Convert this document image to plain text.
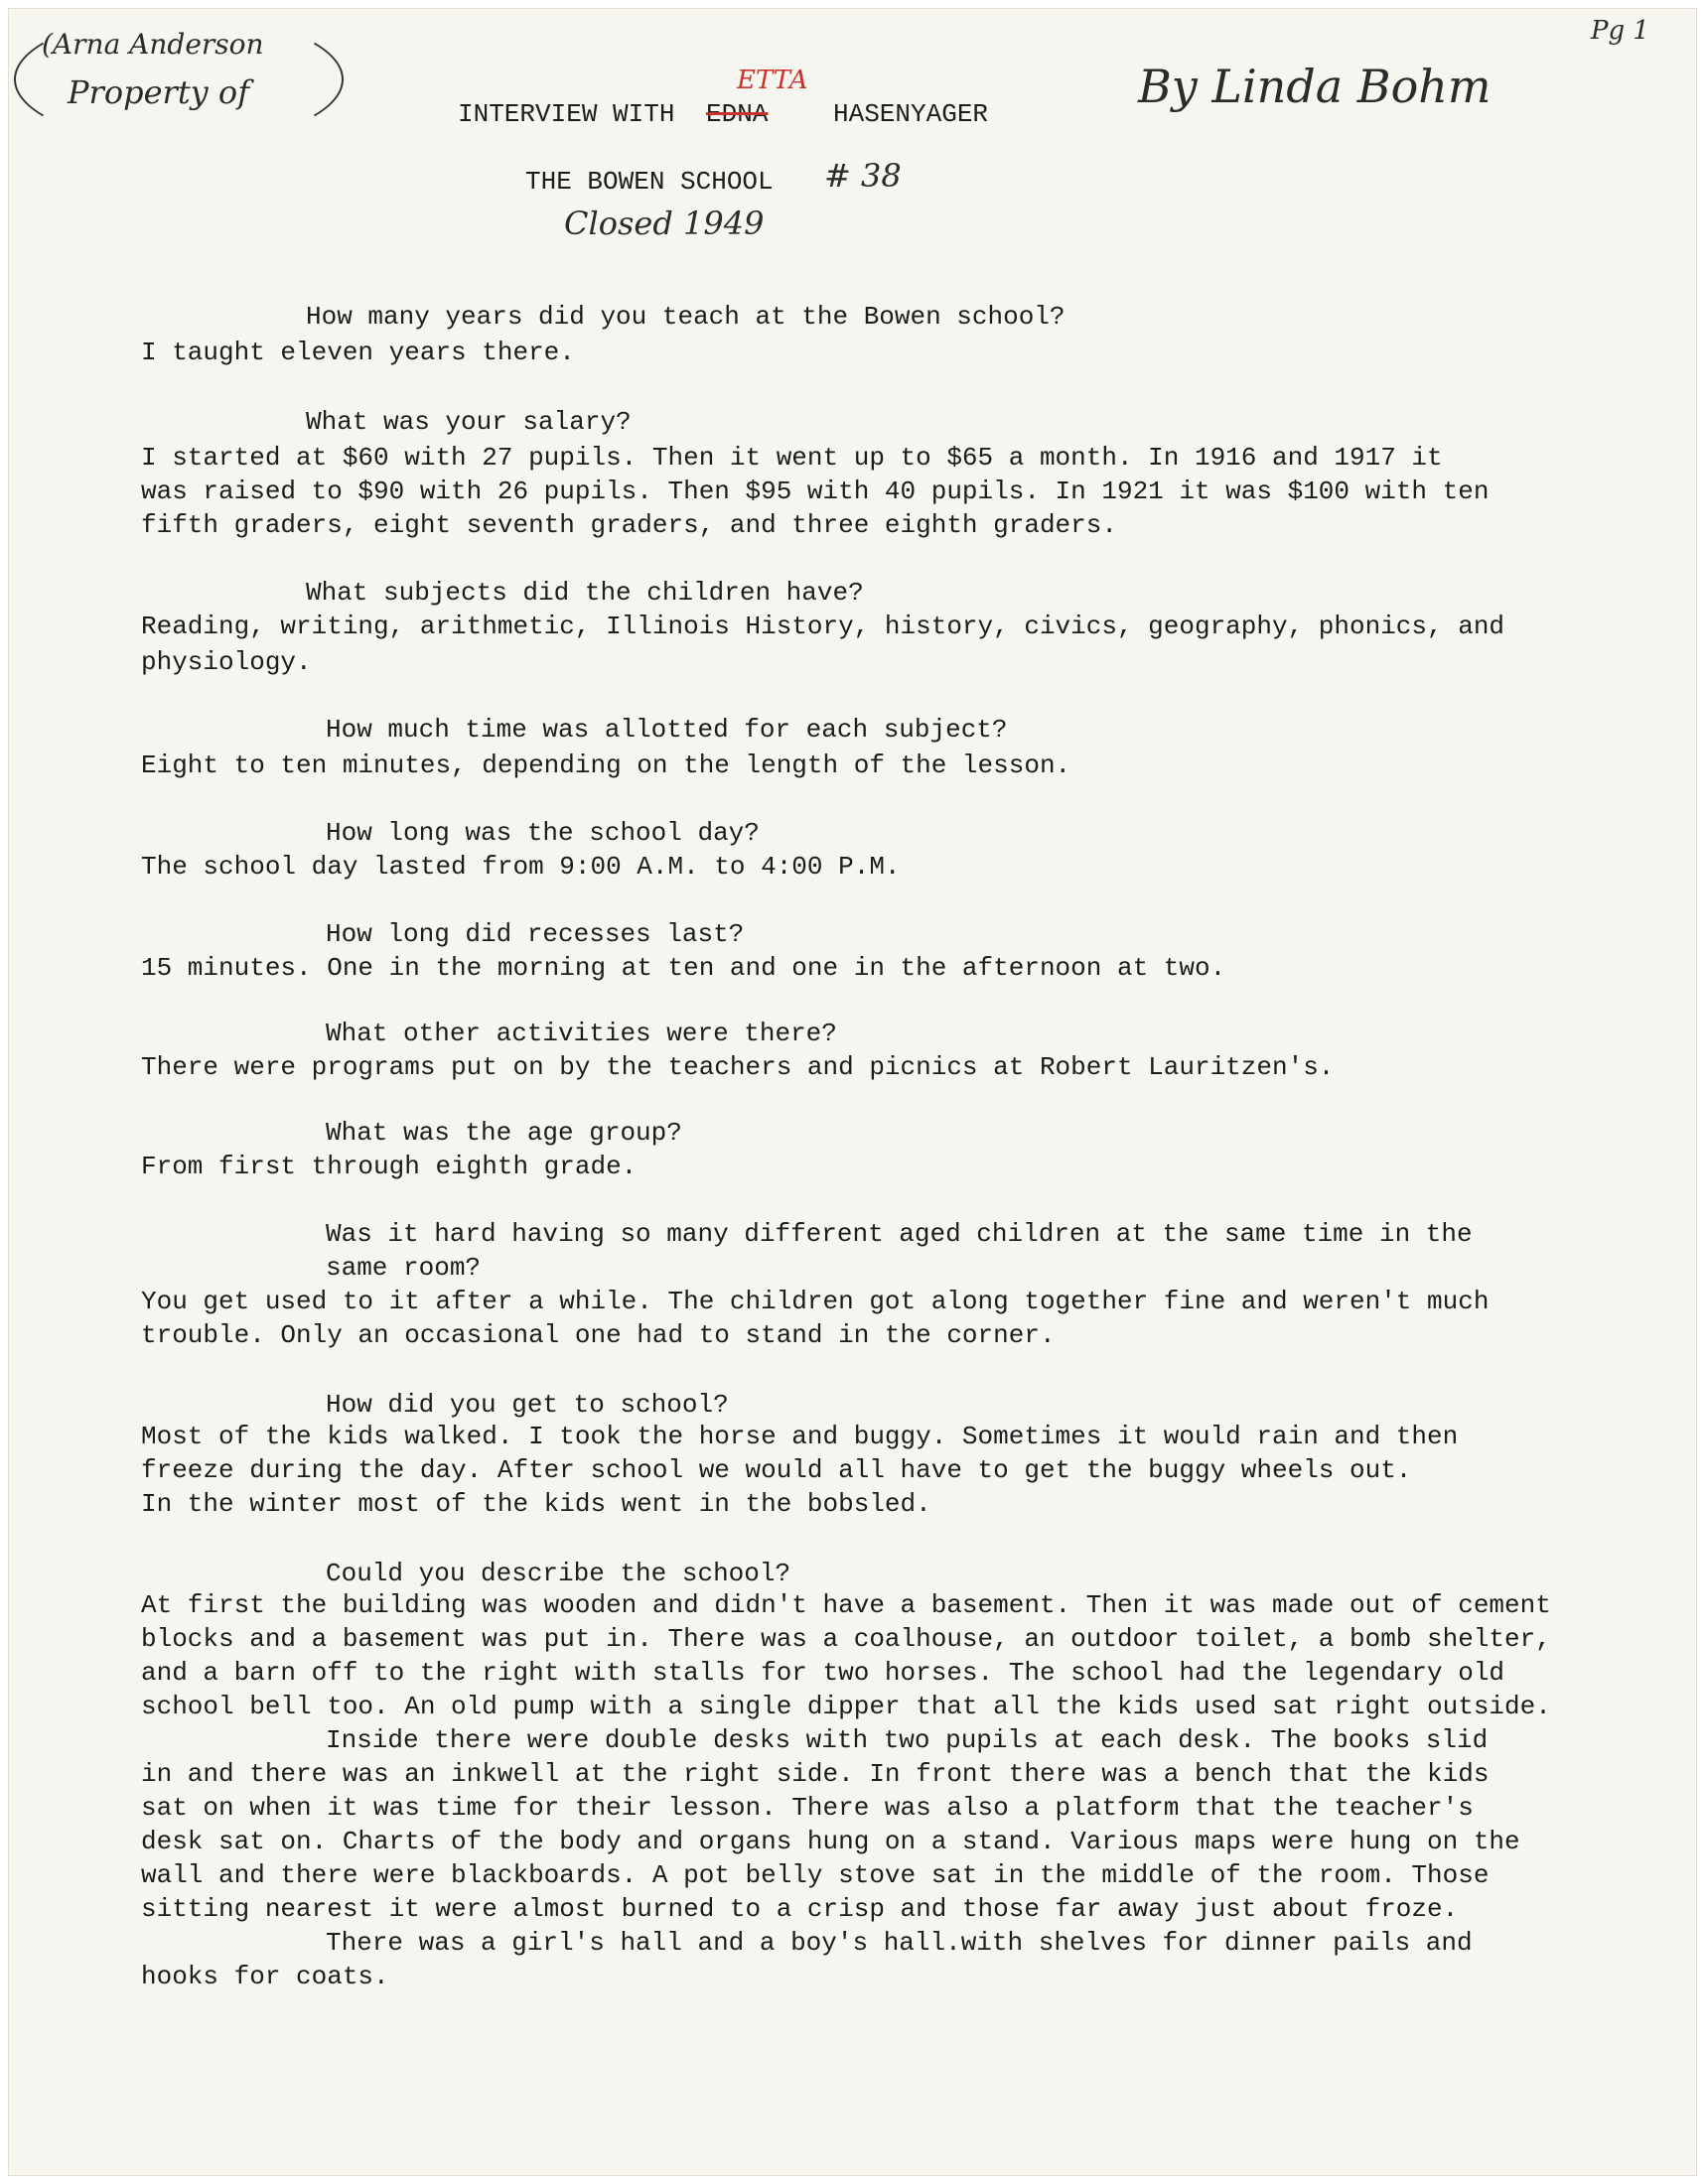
(Arna Anderson
Property of
Pg 1
By Linda Bohm
INTERVIEW WITH
ETTA
EDNA	HASENYAGER
THE BOWEN SCHOOL # 38
Closed 1949
How many years did you teach at the Bowen school?
I taught eleven years there.
What was your salary?
I started at $60 with 27 pupils. Then it went up to $65 a month. In 1916 and 1917 it
was raised to $90 with 26 pupils. Then $95 with 40 pupils. In 1921 it was $100 with ten
fifth graders, eight seventh graders, and three eighth graders.
What subjects did the children have?
Reading, writing, arithmetic, Illinois History, history, civics, geography, phonics, and
physiology.
How much time was allotted for each subject?
Eight to ten minutes, depending on the length of the lesson.
How long was the school day?
The school day lasted from 9:00 A.M. to 4:00 P.M.
How long did recesses last?
15 minutes. One in the morning at ten and one in the afternoon at two.
What other activities were there?
There were programs put on by the teachers and picnics at Robert Lauritzen's.
What was the age group?
From first through eighth grade.
Was it hard having so many different aged children at the same time in the
same room?
You get used to it after a while. The children got along together fine and weren't much
trouble. Only an occasional one had to stand in the corner.
How did you get to school?
Most of the kids walked. I took the horse and buggy. Sometimes it would rain and then
freeze during the day. After school we would all have to get the buggy wheels out.
In the winter most of the kids went in the bobsled.
Could you describe the school?
At first the building was wooden and didn't have a basement. Then it was made out of cement
blocks and a basement was put in. There was a coalhouse, an outdoor toilet, a bomb shelter,
and a barn off to the right with stalls for two horses. The school had the legendary old
school bell too. An old pump with a single dipper that all the kids used sat right outside.
Inside there were double desks with two pupils at each desk. The books slid
in and there was an inkwell at the right side. In front there was a bench that the kids
sat on when it was time for their lesson. There was also a platform that the teacher's
desk sat on. Charts of the body and organs hung on a stand. Various maps were hung on the
wall and there were blackboards. A pot belly stove sat in the middle of the room. Those
sitting nearest it were almost burned to a crisp and those far away just about froze.
There was a girl's hall and a boy's hall.with shelves for dinner pails and
hooks for coats.
